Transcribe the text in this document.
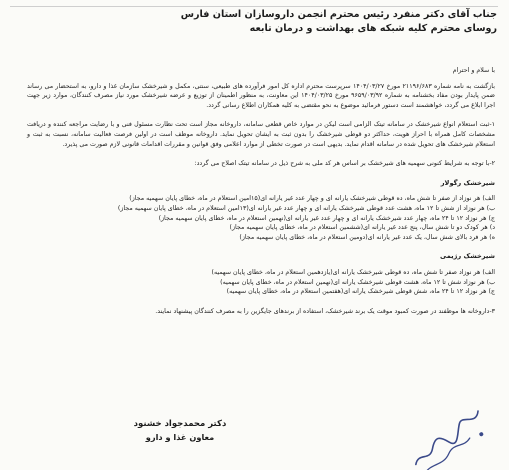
جناب آقای دکتر منفرد رئیس محترم انجمن داروسازان استان فارس
روسای محترم کلیه شبکه های بهداشت و درمان تابعه

با سلام و احترام

بازگشت به نامه شماره ۲۱۱۹۶/۶۸۳ مورخ ۱۴۰۴/۰۳/۲۷ سرپرست محترم اداره کل امور فرآورده های طبیعی، سنتی، مکمل و شیرخشک سازمان غذا و دارو، به استحضار می رساند ضمن پایدار بودن مفاد بخشنامه به شماره ۹۶۵۹/۰۳/۹۲ مورخ ۱۴۰۴/۰۳/۲۵ این معاونت، به منظور اطمینان از توزیع و عرضه شیرخشک مورد نیاز مصرف کنندگان، موارد زیر جهت اجرا ابلاغ می گردد، خواهشمند است دستور فرمائید موضوع به نحو مقتضی به کلیه همکاران اطلاع رسانی گردد.

۱-ثبت استعلام انواع شیرخشک در سامانه تیتک الزامی است لیکن در موارد خاص قطعی سامانه، داروخانه مجاز است تحت نظارت مسئول فنی و با رضایت مراجعه کننده و دریافت مشخصات کامل همراه با احراز هویت، حداکثر دو قوطی شیرخشک را بدون ثبت به ایشان تحویل نماید. داروخانه موظف است در اولین فرصت فعالیت سامانه، نسبت به ثبت و استعلام شیرخشک های تحویل شده در سامانه اقدام نماید. بدیهی است در صورت تخطی از موارد اعلامی وفق قوانین و مقررات اقدامات قانونی لازم صورت می پذیرد.

۲-با توجه به شرایط کنونی سهمیه های شیرخشک بر اساس هر کد ملی به شرح ذیل در سامانه تیتک اصلاح می گردد:

شیرخشک رگولار

الف) هر نوزاد از صفر تا شش ماه، ده قوطی شیرخشک یارانه ای و چهار عدد غیر یارانه ای(۱۵امین استعلام در ماه، خطای پایان سهمیه مجاز)

ب) هر نوزاد از شش تا ۱۲ ماه، هشت عدد قوطی شیرخشک یارانه ای و چهار عدد غیر یارانه ای(۱۳امین استعلام در ماه، خطای پایان سهمیه مجاز)

ج) هر نوزاد ۱۲ تا ۲۴ ماه، چهار عدد شیرخشک یارانه ای و چهار عدد غیر یارانه ای(نهمین استعلام در ماه، خطای پایان سهمیه مجاز)

د) هر کودک دو تا شش سال، پنج عدد غیر یارانه ای(ششمین استعلام در ماه، خطای پایان سهمیه مجاز)

ه) هر فرد بالای شش سال، یک عدد غیر یارانه ای(دومین استعلام در ماه، خطای پایان سهمیه مجاز)

شیرخشک رژیمی

الف) هر نوزاد صفر تا شش ماه، ده قوطی شیرخشک یارانه ای(یازدهمین استعلام در ماه، خطای پایان سهمیه)

ب) هر نوزاد شش تا ۱۲ ماه، هشت قوطی شیرخشک یارانه ای(نهمین استعلام در ماه، خطای پایان سهمیه)

ج) هر نوزاد ۱۲ تا ۲۴ ماه، شش قوطی شیرخشک یارانه ای(هفتمین استعلام در ماه، خطای پایان سهمیه)

۳-داروخانه ها موظفند در صورت کمبود موقت یک برند شیرخشک، استفاده از برندهای جایگزین را به مصرف کنندگان پیشنهاد نمایند.

دکتر محمدجواد خشنود
معاون غذا و دارو
